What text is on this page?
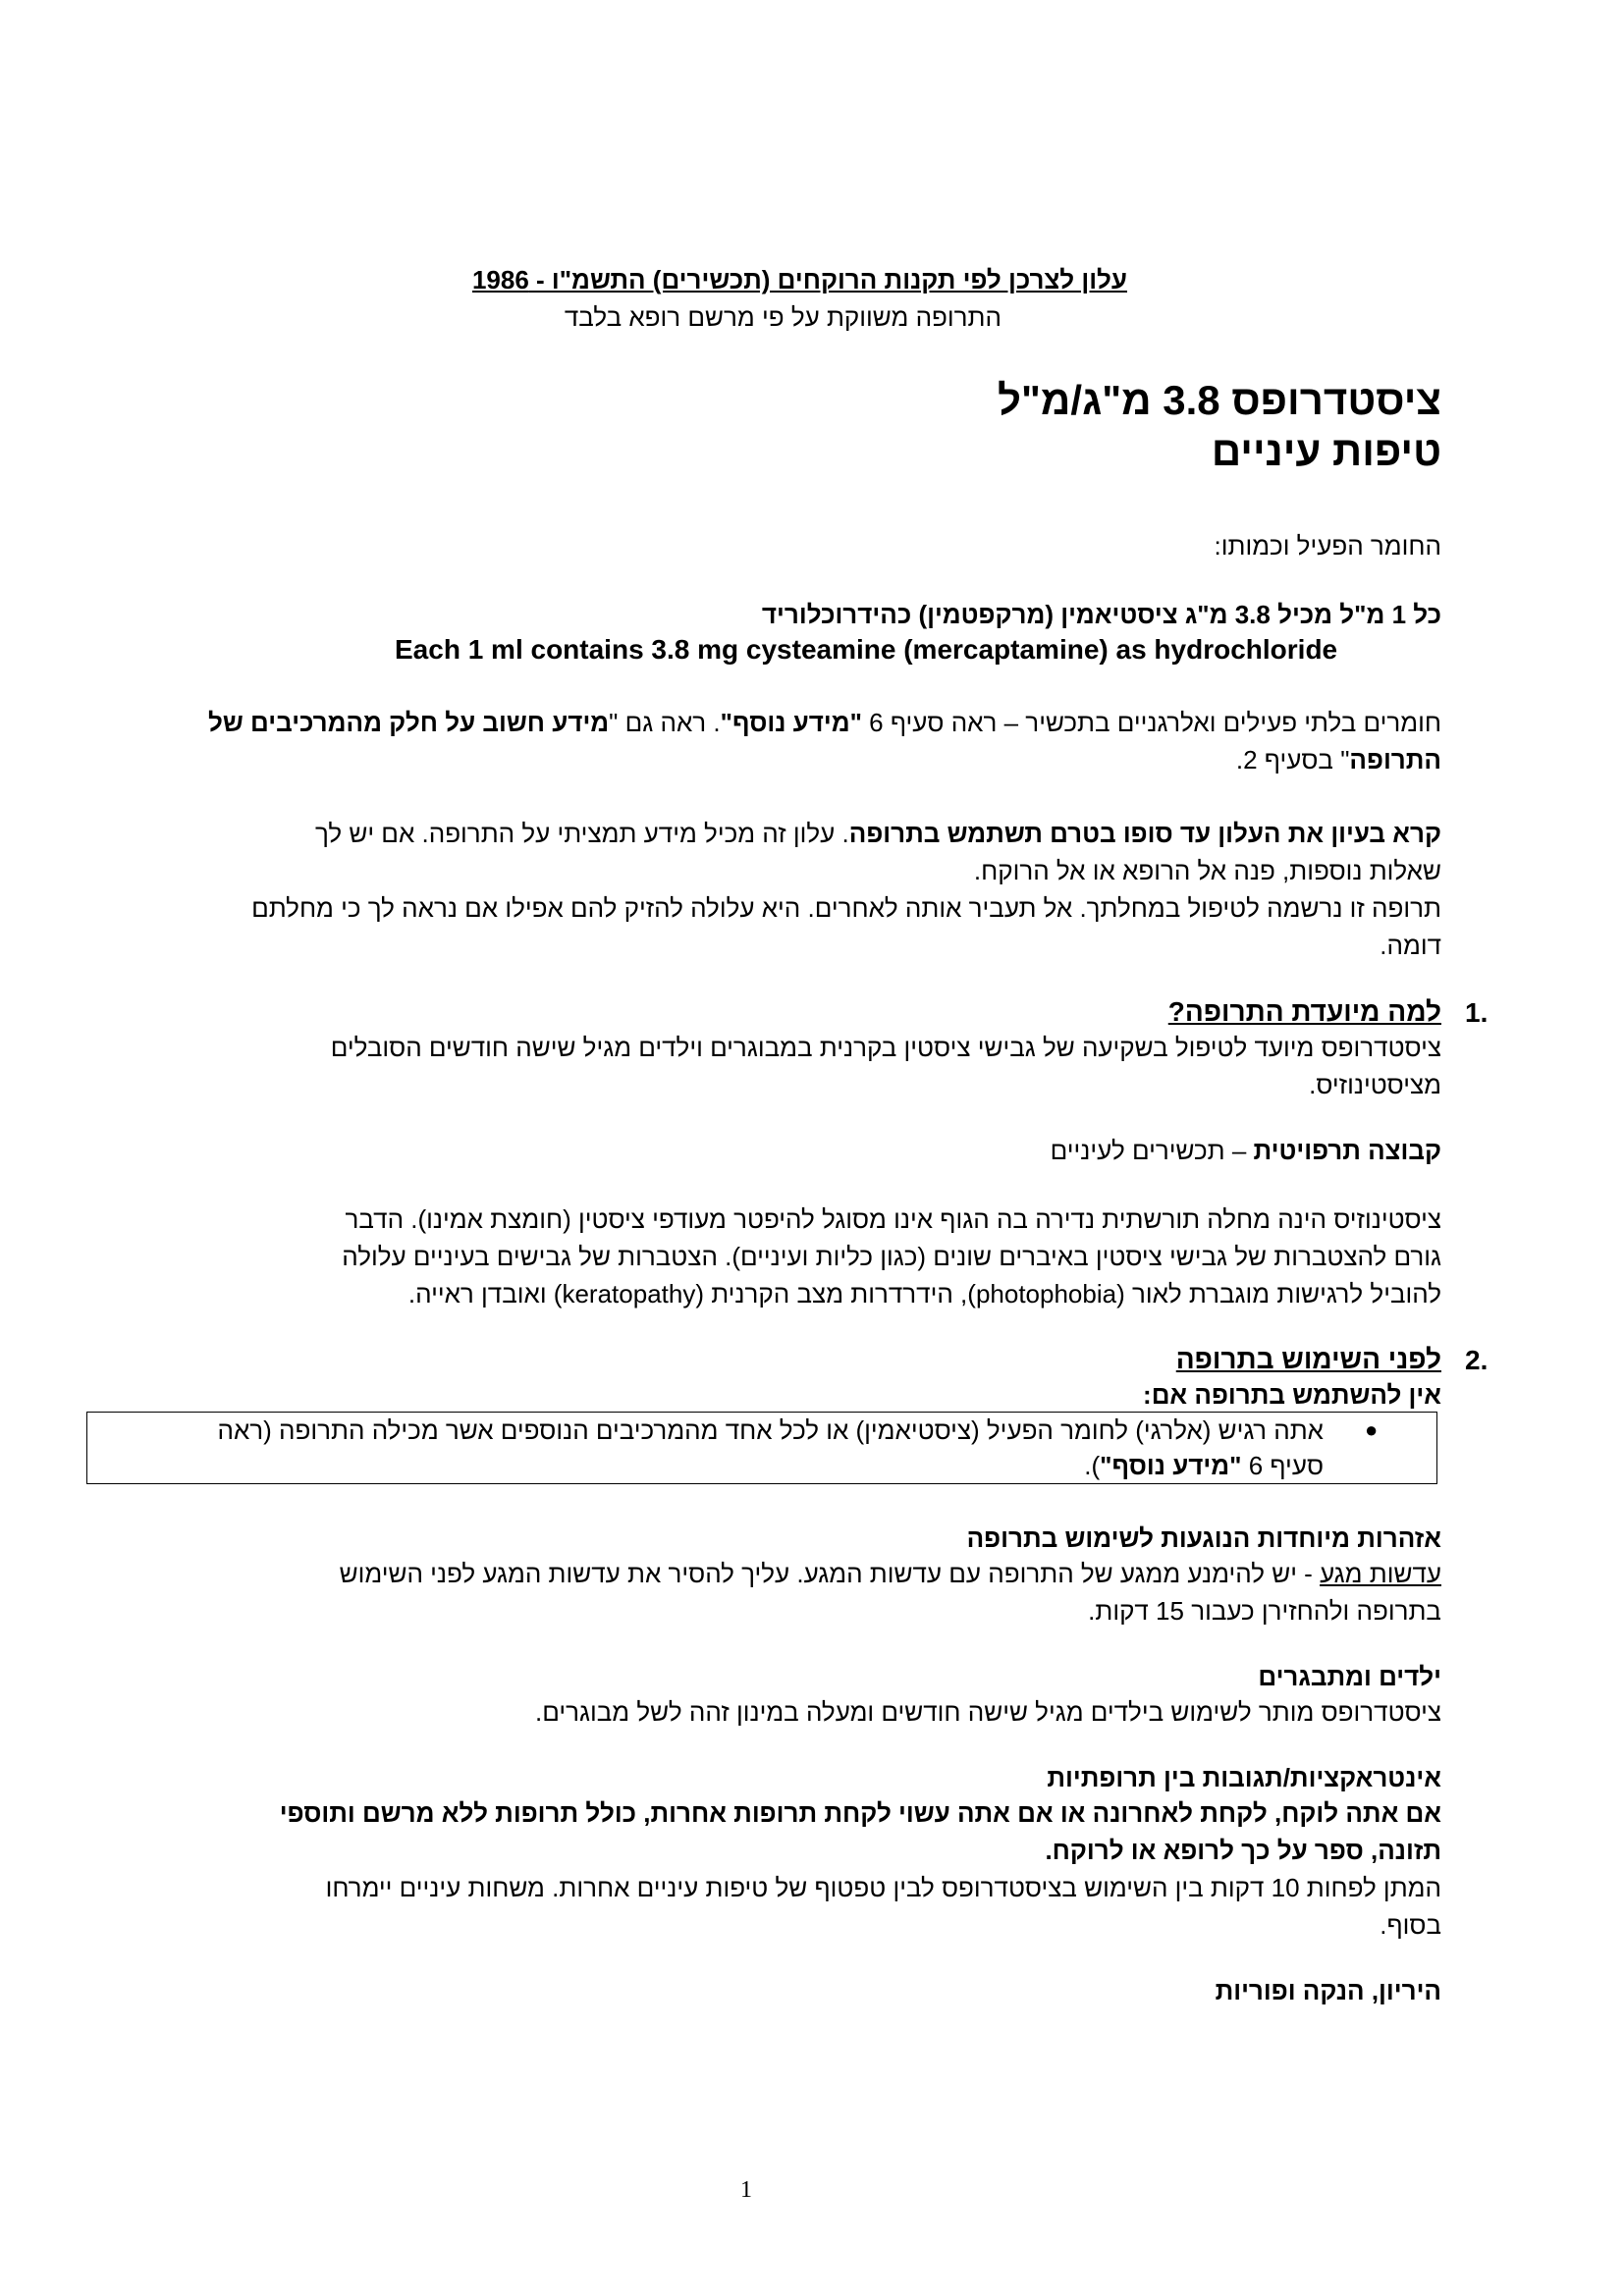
עלון לצרכן לפי תקנות הרוקחים (תכשירים) התשמ"ו - 1986
התרופה משווקת על פי מרשם רופא בלבד
ציסטדרופס 3.8 מ"ג/מ"ל
טיפות עיניים
החומר הפעיל וכמותו:
כל 1 מ"ל מכיל 3.8 מ"ג ציסטיאמין (מרקפטמין) כהידרוכלוריד
Each 1 ml contains 3.8 mg cysteamine (mercaptamine) as hydrochloride
חומרים בלתי פעילים ואלרגניים בתכשיר – ראה סעיף 6 "מידע נוסף". ראה גם "מידע חשוב על חלק מהמרכיבים של
התרופה" בסעיף 2.
קרא בעיון את העלון עד סופו בטרם תשתמש בתרופה. עלון זה מכיל מידע תמציתי על התרופה. אם יש לך
שאלות נוספות, פנה אל הרופא או אל הרוקח.
תרופה זו נרשמה לטיפול במחלתך. אל תעביר אותה לאחרים. היא עלולה להזיק להם אפילו אם נראה לך כי מחלתם
דומה.
1.
למה מיועדת התרופה?
ציסטדרופס מיועד לטיפול בשקיעה של גבישי ציסטין בקרנית במבוגרים וילדים מגיל שישה חודשים הסובלים
מציסטינוזיס.
קבוצה תרפויטית – תכשירים לעיניים
ציסטינוזיס הינה מחלה תורשתית נדירה בה הגוף אינו מסוגל להיפטר מעודפי ציסטין (חומצת אמינו). הדבר
גורם להצטברות של גבישי ציסטין באיברים שונים (כגון כליות ועיניים). הצטברות של גבישים בעיניים עלולה
להוביל לרגישות מוגברת לאור (photophobia), הידרדרות מצב הקרנית (keratopathy) ואובדן ראייה.
2.
לפני השימוש בתרופה
אין להשתמש בתרופה אם:
●
אתה רגיש (אלרגי) לחומר הפעיל (ציסטיאמין) או לכל אחד מהמרכיבים הנוספים אשר מכילה התרופה (ראה
סעיף 6 "מידע נוסף").
אזהרות מיוחדות הנוגעות לשימוש בתרופה
עדשות מגע - יש להימנע ממגע של התרופה עם עדשות המגע. עליך להסיר את עדשות המגע לפני השימוש
בתרופה ולהחזירן כעבור 15 דקות.
ילדים ומתבגרים
ציסטדרופס מותר לשימוש בילדים מגיל שישה חודשים ומעלה במינון זהה לשל מבוגרים.
אינטראקציות/תגובות בין תרופתיות
אם אתה לוקח, לקחת לאחרונה או אם אתה עשוי לקחת תרופות אחרות, כולל תרופות ללא מרשם ותוספי
תזונה, ספר על כך לרופא או לרוקח.
המתן לפחות 10 דקות בין השימוש בציסטדרופס לבין טפטוף של טיפות עיניים אחרות. משחות עיניים יימרחו
בסוף.
היריון, הנקה ופוריות
1
